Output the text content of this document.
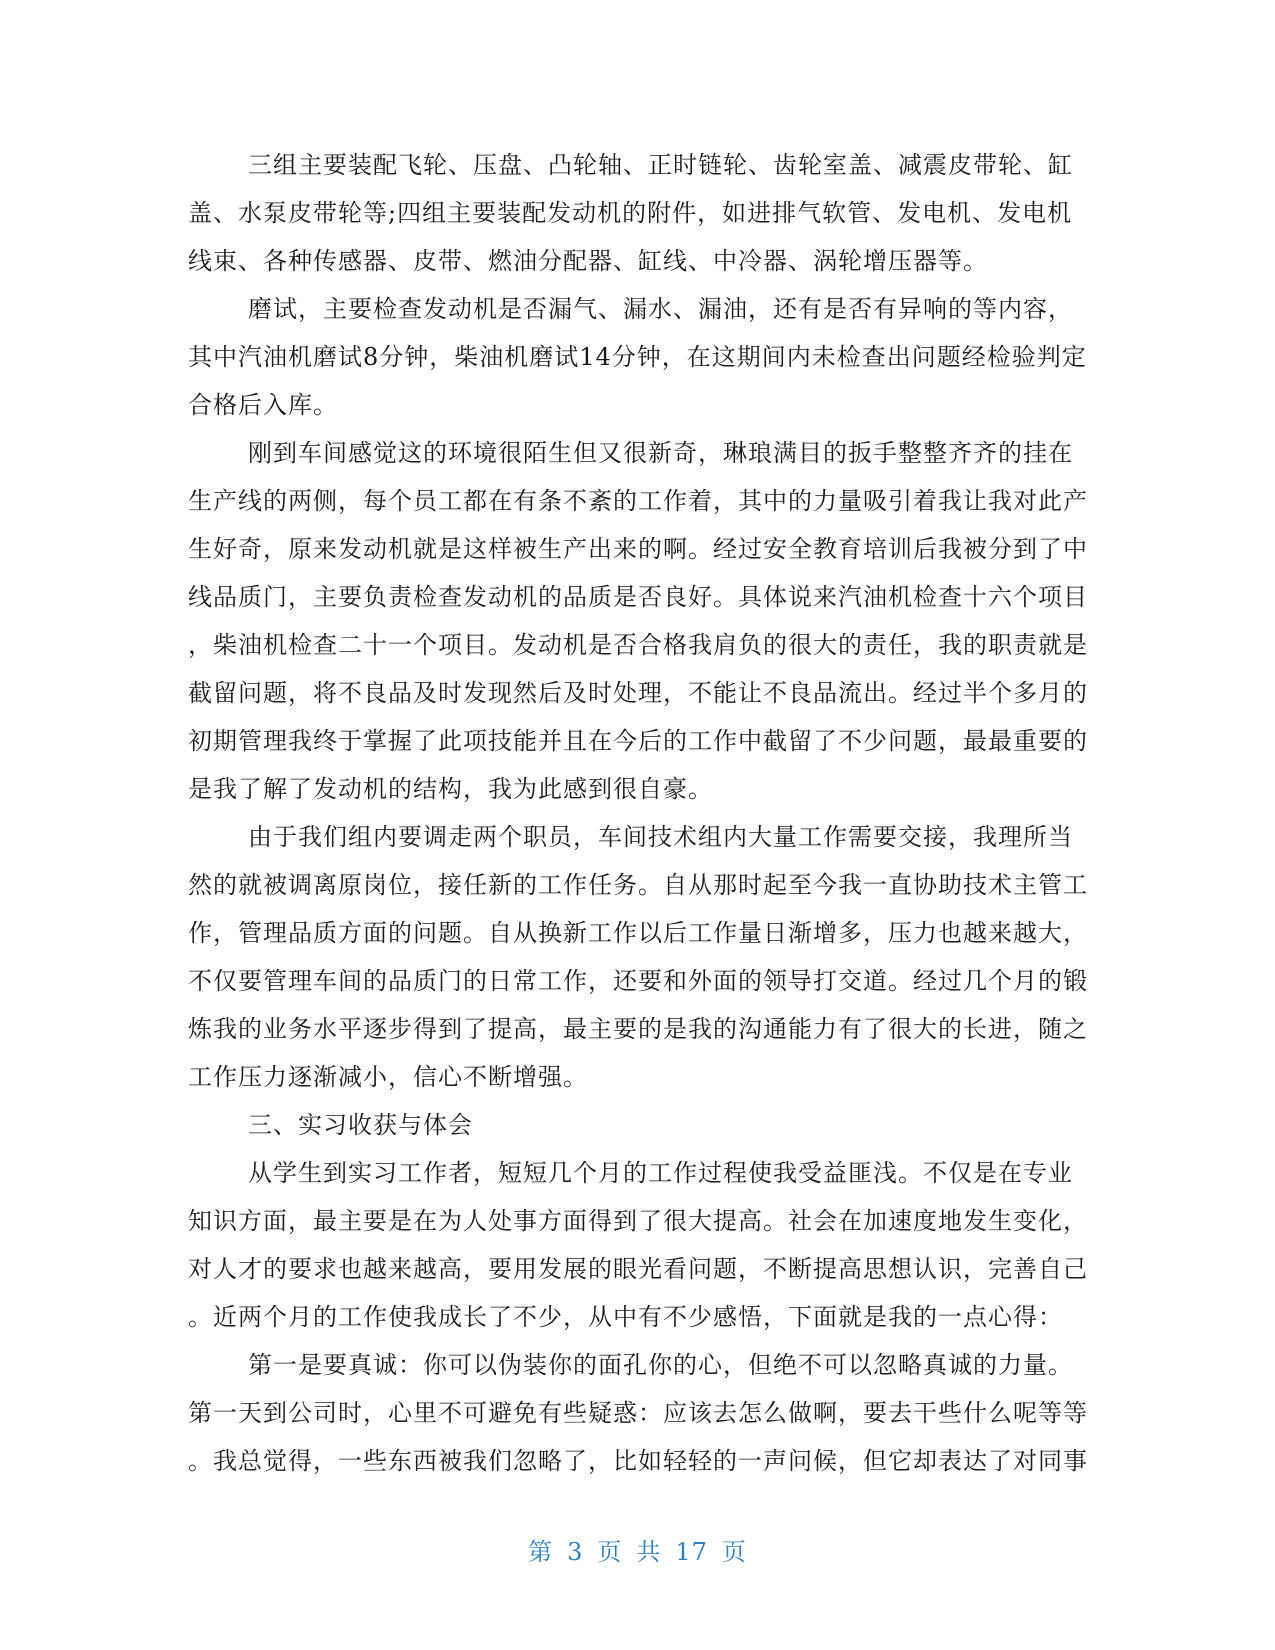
三组主要装配飞轮、压盘、凸轮轴、正时链轮、齿轮室盖、减震皮带轮、缸
盖、水泵皮带轮等;四组主要装配发动机的附件，如进排气软管、发电机、发电机
线束、各种传感器、皮带、燃油分配器、缸线、中冷器、涡轮增压器等。
磨试，主要检查发动机是否漏气、漏水、漏油，还有是否有异响的等内容，
其中汽油机磨试8分钟，柴油机磨试14分钟，在这期间内未检查出问题经检验判定
合格后入库。
刚到车间感觉这的环境很陌生但又很新奇，琳琅满目的扳手整整齐齐的挂在
生产线的两侧，每个员工都在有条不紊的工作着，其中的力量吸引着我让我对此产
生好奇，原来发动机就是这样被生产出来的啊。经过安全教育培训后我被分到了中
线品质门，主要负责检查发动机的品质是否良好。具体说来汽油机检查十六个项目
，柴油机检查二十一个项目。发动机是否合格我肩负的很大的责任，我的职责就是
截留问题，将不良品及时发现然后及时处理，不能让不良品流出。经过半个多月的
初期管理我终于掌握了此项技能并且在今后的工作中截留了不少问题，最最重要的
是我了解了发动机的结构，我为此感到很自豪。
由于我们组内要调走两个职员，车间技术组内大量工作需要交接，我理所当
然的就被调离原岗位，接任新的工作任务。自从那时起至今我一直协助技术主管工
作，管理品质方面的问题。自从换新工作以后工作量日渐增多，压力也越来越大，
不仅要管理车间的品质门的日常工作，还要和外面的领导打交道。经过几个月的锻
炼我的业务水平逐步得到了提高，最主要的是我的沟通能力有了很大的长进，随之
工作压力逐渐减小，信心不断增强。
三、实习收获与体会
从学生到实习工作者，短短几个月的工作过程使我受益匪浅。不仅是在专业
知识方面，最主要是在为人处事方面得到了很大提高。社会在加速度地发生变化，
对人才的要求也越来越高，要用发展的眼光看问题，不断提高思想认识，完善自己
。近两个月的工作使我成长了不少，从中有不少感悟，下面就是我的一点心得：
第一是要真诚：你可以伪装你的面孔你的心，但绝不可以忽略真诚的力量。
第一天到公司时，心里不可避免有些疑惑：应该去怎么做啊，要去干些什么呢等等
。我总觉得，一些东西被我们忽略了，比如轻轻的一声问候，但它却表达了对同事
第 3 页 共 17 页
